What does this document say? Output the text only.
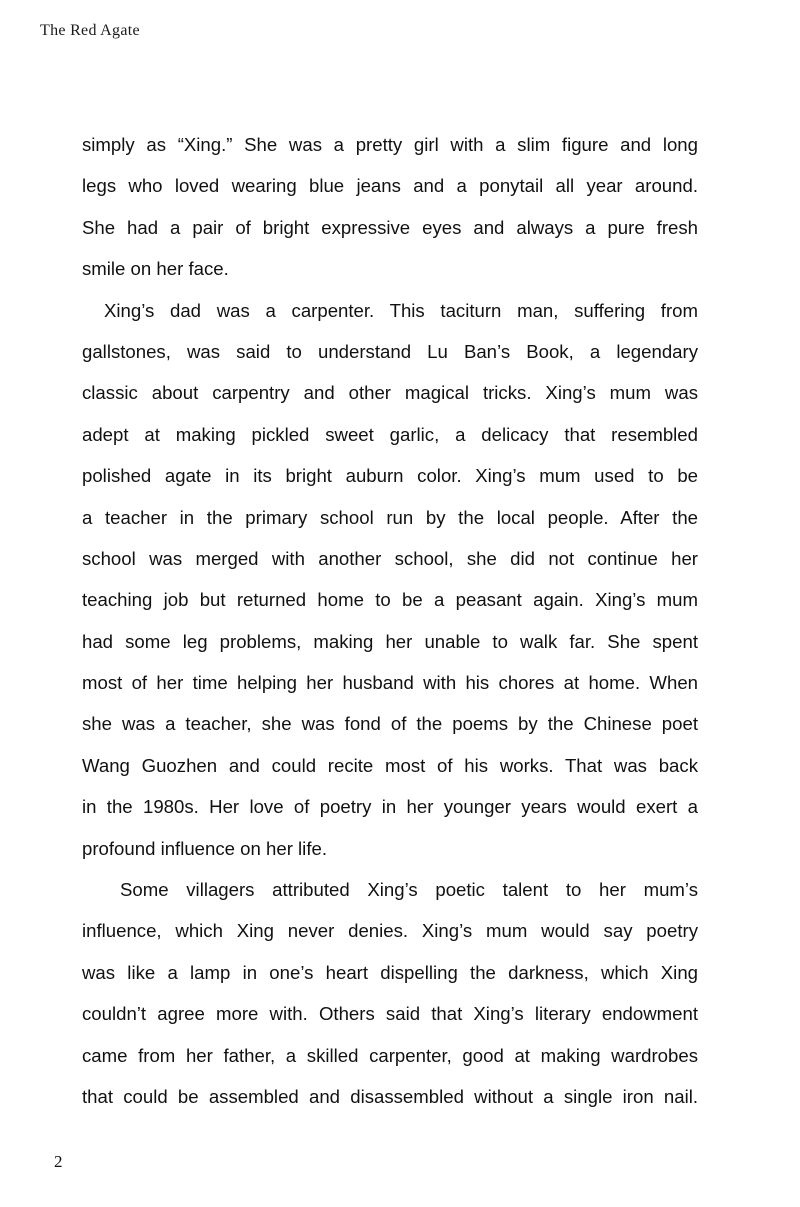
The Red Agate
simply as “Xing.” She was a pretty girl with a slim figure and long
legs who loved wearing blue jeans and a ponytail all year around.
She had a pair of bright expressive eyes and always a pure fresh
smile on her face.
Xing’s dad was a carpenter. This taciturn man, suffering from
gallstones, was said to understand Lu Ban’s Book, a legendary
classic about carpentry and other magical tricks. Xing’s mum was
adept at making pickled sweet garlic, a delicacy that resembled
polished agate in its bright auburn color. Xing’s mum used to be
a teacher in the primary school run by the local people. After the
school was merged with another school, she did not continue her
teaching job but returned home to be a peasant again. Xing’s mum
had some leg problems, making her unable to walk far. She spent
most of her time helping her husband with his chores at home. When
she was a teacher, she was fond of the poems by the Chinese poet
Wang Guozhen and could recite most of his works. That was back
in the 1980s. Her love of poetry in her younger years would exert a
profound influence on her life.
Some villagers attributed Xing’s poetic talent to her mum’s
influence, which Xing never denies. Xing’s mum would say poetry
was like a lamp in one’s heart dispelling the darkness, which Xing
couldn’t agree more with. Others said that Xing’s literary endowment
came from her father, a skilled carpenter, good at making wardrobes
that could be assembled and disassembled without a single iron nail.
2
